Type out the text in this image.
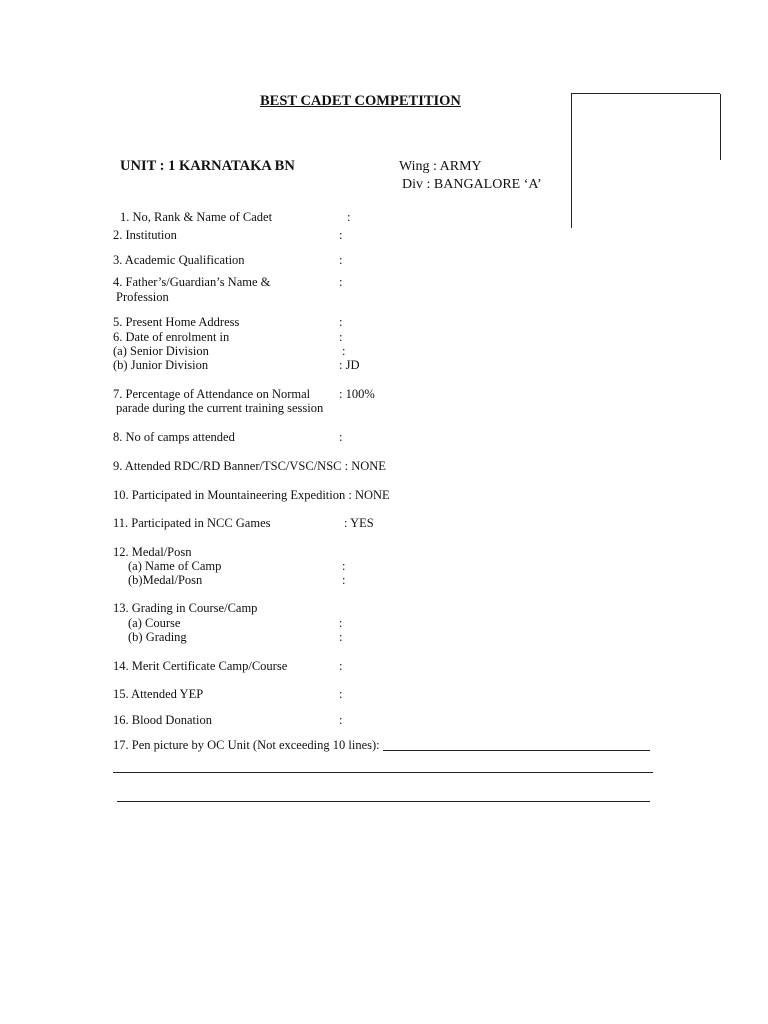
BEST CADET COMPETITION
UNIT : 1 KARNATAKA BN	Wing : ARMY
Div : BANGALORE ‘A’
1. No, Rank & Name of Cadet	:
2. Institution	:
3. Academic Qualification	:
4. Father’s/Guardian’s Name &	:
Profession
5. Present Home Address	:
6. Date of enrolment in	:
(a) Senior Division	:
(b) Junior Division	: JD
7. Percentage of Attendance on Normal : 100%
parade during the current training session
8. No of camps attended	:
9. Attended RDC/RD Banner/TSC/VSC/NSC : NONE
10. Participated in Mountaineering Expedition : NONE
11. Participated in NCC Games	: YES
12. Medal/Posn
(a) Name of Camp	:
(b)Medal/Posn	:
13. Grading in Course/Camp
(a) Course	:
(b) Grading	:
14. Merit Certificate Camp/Course	:
15. Attended YEP	:
16. Blood Donation	:
17. Pen picture by OC Unit (Not exceeding 10 lines):
